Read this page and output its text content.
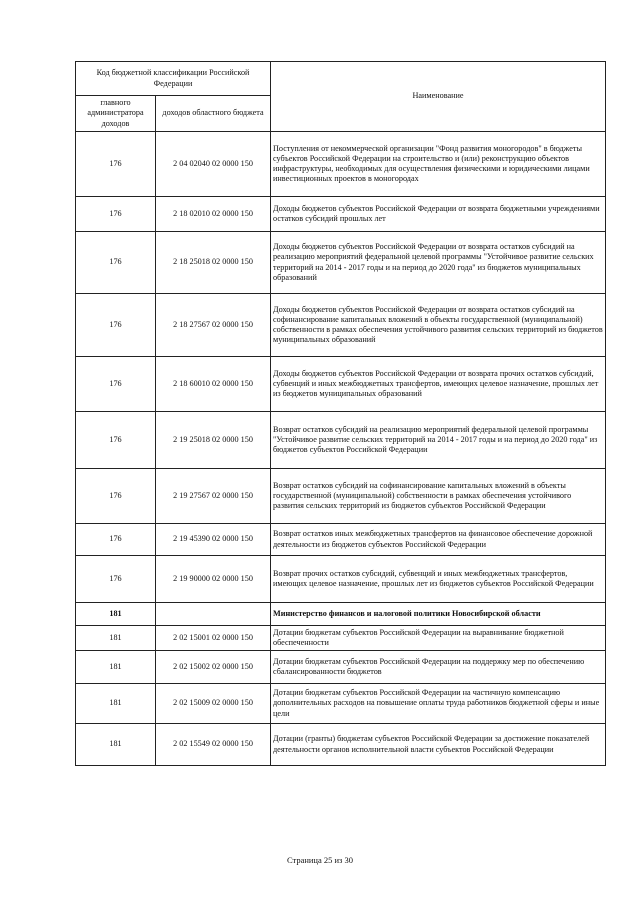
Код бюджетной классификации Российской Федерации		Наименование
главного администратора доходов	доходов областного бюджета	
176	2 04 02040 02 0000 150	Поступления от некоммерческой организации "Фонд развития моногородов" в бюджеты субъектов Российской Федерации на строительство и (или) реконструкцию объектов инфраструктуры, необходимых для осуществления физическими и юридическими лицами инвестиционных проектов в моногородах
176	2 18 02010 02 0000 150	Доходы бюджетов субъектов Российской Федерации от возврата бюджетными учреждениями остатков субсидий прошлых лет
176	2 18 25018 02 0000 150	Доходы бюджетов субъектов Российской Федерации от возврата остатков субсидий на реализацию мероприятий федеральной целевой программы "Устойчивое развитие сельских территорий на 2014 - 2017 годы и на период до 2020 года" из бюджетов муниципальных образований
176	2 18 27567 02 0000 150	Доходы бюджетов субъектов Российской Федерации от возврата остатков субсидий на софинансирование капитальных вложений в объекты государственной (муниципальной) собственности в рамках обеспечения устойчивого развития сельских территорий из бюджетов муниципальных образований
176	2 18 60010 02 0000 150	Доходы бюджетов субъектов Российской Федерации от возврата прочих остатков субсидий, субвенций и иных межбюджетных трансфертов, имеющих целевое назначение, прошлых лет из бюджетов муниципальных образований
176	2 19 25018 02 0000 150	Возврат остатков субсидий на реализацию мероприятий федеральной целевой программы "Устойчивое развитие сельских территорий на 2014 - 2017 годы и на период до 2020 года" из бюджетов субъектов Российской Федерации
176	2 19 27567 02 0000 150	Возврат остатков субсидий на софинансирование капитальных вложений в объекты государственной (муниципальной) собственности в рамках обеспечения устойчивого развития сельских территорий из бюджетов субъектов Российской Федерации
176	2 19 45390 02 0000 150	Возврат остатков иных межбюджетных трансфертов на финансовое обеспечение дорожной деятельности из бюджетов субъектов Российской Федерации
176	2 19 90000 02 0000 150	Возврат прочих остатков субсидий, субвенций и иных межбюджетных трансфертов, имеющих целевое назначение, прошлых лет из бюджетов субъектов Российской Федерации
181		Министерство финансов и налоговой политики Новосибирской области
181	2 02 15001 02 0000 150	Дотации бюджетам субъектов Российской Федерации на выравнивание бюджетной обеспеченности
181	2 02 15002 02 0000 150	Дотации бюджетам субъектов Российской Федерации на поддержку мер по обеспечению сбалансированности бюджетов
181	2 02 15009 02 0000 150	Дотации бюджетам субъектов Российской Федерации на частичную компенсацию дополнительных расходов на повышение оплаты труда работников бюджетной сферы и иные цели
181	2 02 15549 02 0000 150	Дотации (гранты) бюджетам субъектов Российской Федерации за достижение показателей деятельности органов исполнительной власти субъектов Российской Федерации
Страница 25 из 30
